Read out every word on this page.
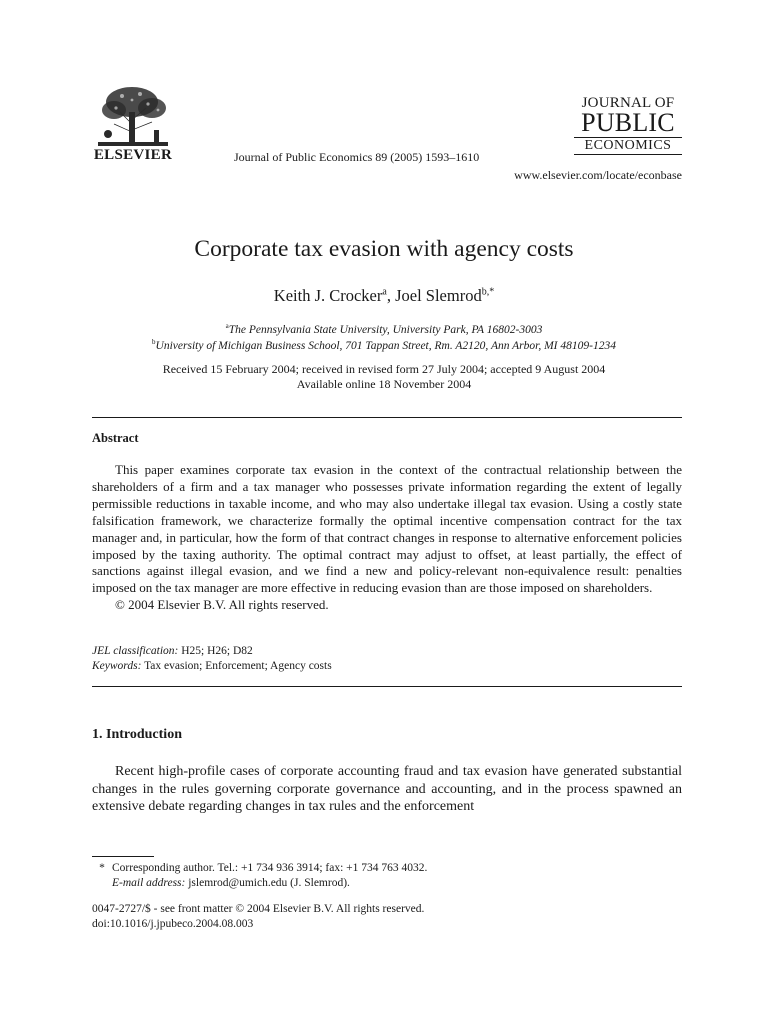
ELSEVIER	Journal of Public Economics 89 (2005) 1593–1610
JOURNAL OF
PUBLIC
ECONOMICS
www.elsevier.com/locate/econbase
Corporate tax evasion with agency costs
Keith J. Crocker$^a$, Joel Slemrod$^{b,*}$
$^a$The Pennsylvania State University, University Park, PA 16802-3003
$^b$University of Michigan Business School, 701 Tappan Street, Rm. A2120, Ann Arbor, MI 48109-1234
Received 15 February 2004; received in revised form 27 July 2004; accepted 9 August 2004
Available online 18 November 2004
Abstract

This paper examines corporate tax evasion in the context of the contractual relationship between the shareholders of a firm and a tax manager who possesses private information regarding the extent of legally permissible reductions in taxable income, and who may also undertake illegal tax evasion. Using a costly state falsification framework, we characterize formally the optimal incentive compensation contract for the tax manager and, in particular, how the form of that contract changes in response to alternative enforcement policies imposed by the taxing authority. The optimal contract may adjust to offset, at least partially, the effect of sanctions against illegal evasion, and we find a new and policy-relevant non-equivalence result: penalties imposed on the tax manager are more effective in reducing evasion than are those imposed on shareholders.

© 2004 Elsevier B.V. All rights reserved.

JEL classification: H25; H26; D82
Keywords: Tax evasion; Enforcement; Agency costs
1. Introduction

Recent high-profile cases of corporate accounting fraud and tax evasion have generated substantial changes in the rules governing corporate governance and accounting, and in the process spawned an extensive debate regarding changes in tax rules and the enforcement

* Corresponding author. Tel.: +1 734 936 3914; fax: +1 734 763 4032.
E-mail address: jslemrod@umich.edu (J. Slemrod).
0047-2727/$ - see front matter © 2004 Elsevier B.V. All rights reserved.
doi:10.1016/j.jpubeco.2004.08.003
